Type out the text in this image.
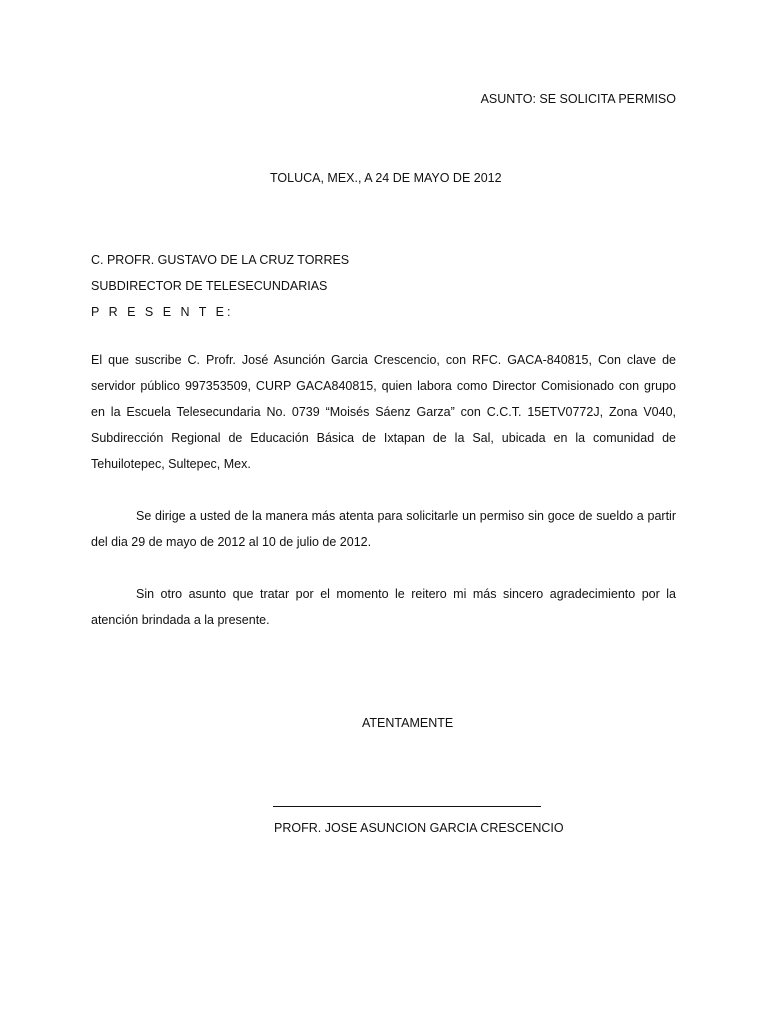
ASUNTO: SE SOLICITA PERMISO
TOLUCA, MEX., A 24 DE MAYO DE 2012
C. PROFR. GUSTAVO DE LA CRUZ TORRES
SUBDIRECTOR DE TELESECUNDARIAS
P R E S E N T E:
El que suscribe C. Profr. José Asunción Garcia Crescencio, con RFC. GACA-840815, Con clave de servidor público 997353509, CURP GACA840815, quien labora como Director Comisionado con grupo en la Escuela Telesecundaria No. 0739 “Moisés Sáenz Garza” con C.C.T. 15ETV0772J, Zona V040, Subdirección Regional de Educación Básica de Ixtapan de la Sal, ubicada en la comunidad de Tehuilotepec, Sultepec, Mex.
Se dirige a usted de la manera más atenta para solicitarle un permiso sin goce de sueldo a partir del dia 29 de mayo de 2012 al 10 de julio de 2012.
Sin otro asunto que tratar por el momento le reitero mi más sincero agradecimiento por la atención brindada a la presente.
ATENTAMENTE
PROFR. JOSE ASUNCION GARCIA CRESCENCIO
